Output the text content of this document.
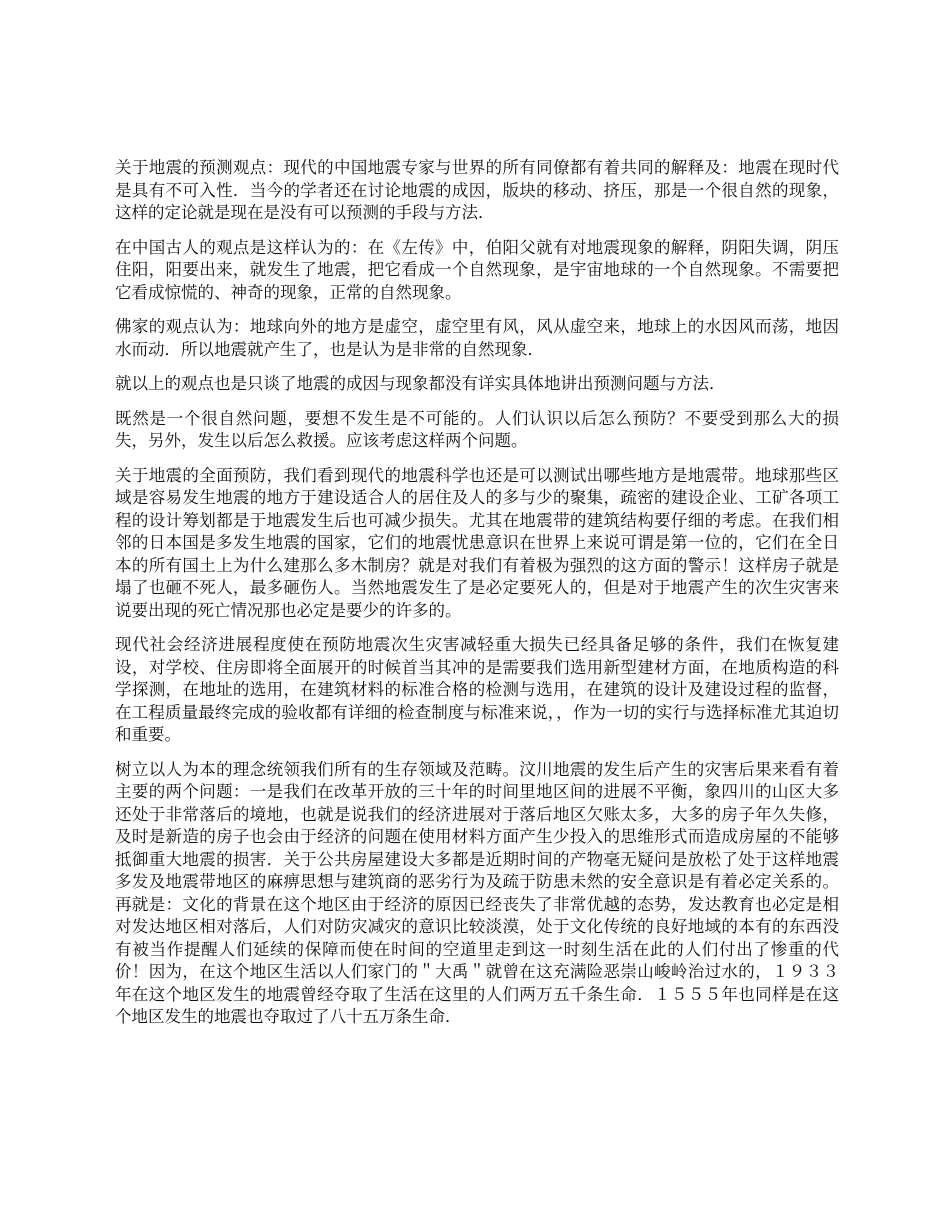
关于地震的预测观点：现代的中国地震专家与世界的所有同僚都有着共同的解释及：地震在现时代是具有不可入性．当今的学者还在讨论地震的成因，版块的移动、挤压，那是一个很自然的现象，这样的定论就是现在是没有可以预测的手段与方法．

在中国古人的观点是这样认为的：在《左传》中，伯阳父就有对地震现象的解释，阴阳失调，阴压住阳，阳要出来，就发生了地震，把它看成一个自然现象，是宇宙地球的一个自然现象。不需要把它看成惊慌的、神奇的现象，正常的自然现象。

佛家的观点认为：地球向外的地方是虚空，虚空里有风，风从虚空来，地球上的水因风而荡，地因水而动．所以地震就产生了，也是认为是非常的自然现象．

就以上的观点也是只谈了地震的成因与现象都没有详实具体地讲出预测问题与方法．

既然是一个很自然问题，要想不发生是不可能的。人们认识以后怎么预防？不要受到那么大的损失，另外，发生以后怎么救援。应该考虑这样两个问题。

关于地震的全面预防，我们看到现代的地震科学也还是可以测试出哪些地方是地震带。地球那些区域是容易发生地震的地方于建设适合人的居住及人的多与少的聚集，疏密的建设企业、工矿各项工程的设计筹划都是于地震发生后也可减少损失。尤其在地震带的建筑结构要仔细的考虑。在我们相邻的日本国是多发生地震的国家，它们的地震忧患意识在世界上来说可谓是第一位的，它们在全日本的所有国土上为什么建那么多木制房？就是对我们有着极为强烈的这方面的警示！这样房子就是塌了也砸不死人，最多砸伤人。当然地震发生了是必定要死人的，但是对于地震产生的次生灾害来说要出现的死亡情况那也必定是要少的许多的。

现代社会经济进展程度使在预防地震次生灾害减轻重大损失已经具备足够的条件，我们在恢复建设，对学校、住房即将全面展开的时候首当其冲的是需要我们选用新型建材方面，在地质构造的科学探测，在地址的选用，在建筑材料的标准合格的检测与选用，在建筑的设计及建设过程的监督，在工程质量最终完成的验收都有详细的检查制度与标准来说，，作为一切的实行与选择标准尤其迫切和重要。

树立以人为本的理念统领我们所有的生存领域及范畴。汶川地震的发生后产生的灾害后果来看有着主要的两个问题：一是我们在改革开放的三十年的时间里地区间的进展不平衡，象四川的山区大多还处于非常落后的境地，也就是说我们的经济进展对于落后地区欠账太多，大多的房子年久失修，及时是新造的房子也会由于经济的问题在使用材料方面产生少投入的思维形式而造成房屋的不能够抵御重大地震的损害．关于公共房屋建设大多都是近期时间的产物毫无疑问是放松了处于这样地震多发及地震带地区的麻痹思想与建筑商的恶劣行为及疏于防患未然的安全意识是有着必定关系的。再就是：文化的背景在这个地区由于经济的原因已经丧失了非常优越的态势，发达教育也必定是相对发达地区相对落后，人们对防灾减灾的意识比较淡漠，处于文化传统的良好地域的本有的东西没有被当作提醒人们延续的保障而使在时间的空道里走到这一时刻生活在此的人们付出了惨重的代价！因为，在这个地区生活以人们家门的＂大禹＂就曾在这充满险恶崇山峻岭治过水的，１９３３年在这个地区发生的地震曾经夺取了生活在这里的人们两万五千条生命．１５５５年也同样是在这个地区发生的地震也夺取过了八十五万条生命．
